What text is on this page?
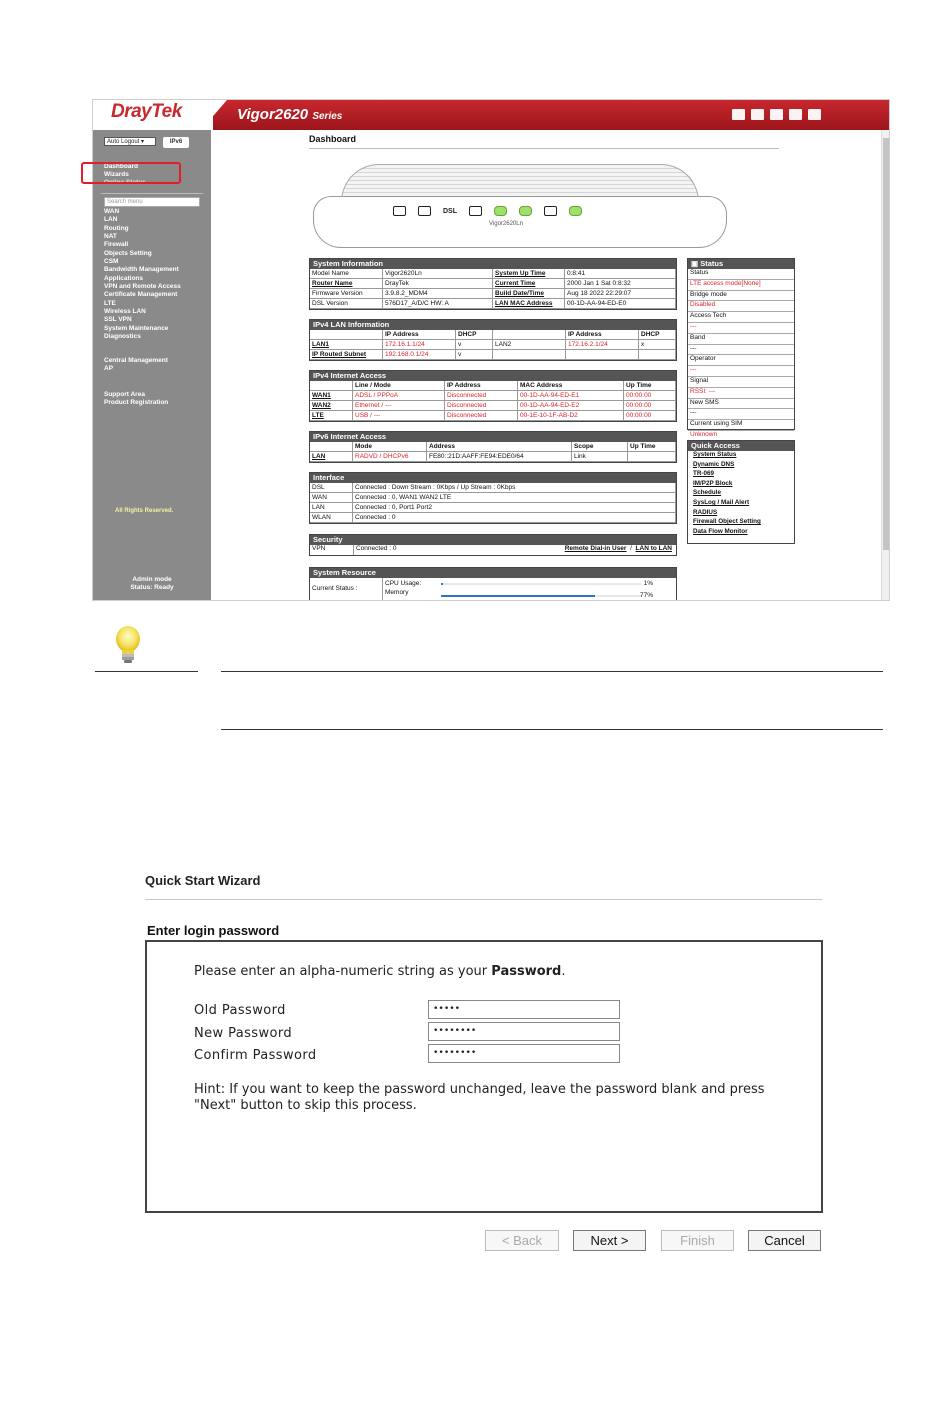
DrayTek	Vigor2620 Series
Auto Logout ▾	IPv6
Dashboard
Wizards
Online Status
Search menu
WAN
LAN
Routing
NAT
Firewall
Objects Setting
CSM
Bandwidth Management
Applications
VPN and Remote Access
Certificate Management
LTE
Wireless LAN
SSL VPN
System Maintenance
Diagnostics
Central Management
AP
Support Area
Product Registration
All Rights Reserved.
Admin mode
Status: Ready
Dashboard
DSL
Vigor2620Ln
System Information
Model Name	Vigor2620Ln	System Up Time	0:8:41
Router Name	DrayTek	Current Time	2000 Jan 1 Sat 0:8:32
Firmware Version	3.9.8.2_MDM4	Build Date/Time	Aug 18 2022 22:29:07
DSL Version	576D17_A/D/C HW: A	LAN MAC Address	00-1D-AA-94-ED-E0
IPv4 LAN Information
IP Address	DHCP	IP Address	DHCP
LAN1	172.16.1.1/24	v	LAN2	172.16.2.1/24	x
IP Routed Subnet	192.168.0.1/24	v
IPv4 Internet Access
Line / Mode	IP Address	MAC Address	Up Time
WAN1	ADSL / PPPoA	Disconnected	00-1D-AA-94-ED-E1	00:00:00
WAN2	Ethernet / ---	Disconnected	00-1D-AA-94-ED-E2	00:00:00
LTE	USB / ---	Disconnected	00-1E-10-1F-AB-D2	00:00:00
IPv6 Internet Access
Mode	Address	Scope	Up Time
LAN	RADVD / DHCPv6	FE80::21D:AAFF:FE94:EDE0/64	Link
Interface
DSL	Connected : Down Stream : 0Kbps / Up Stream : 0Kbps
WAN	Connected : 0, WAN1 WAN2 LTE
LAN	Connected : 0, Port1 Port2
WLAN	Connected : 0
Security
VPN	Connected : 0	Remote Dial-in User / LAN to LAN
System Resource
Current Status :
CPU Usage:	1%
Memory	77%
▣ Status
Status
LTE access mode[None]
Bridge mode
Disabled
Access Tech
---
Band
---
Operator
---
Signal
RSSI: ---
New SMS
---
Current using SIM
Unknown
Quick Access
System Status
Dynamic DNS
TR-069
IM/P2P Block
Schedule
SysLog / Mail Alert
RADIUS
Firewall Object Setting
Data Flow Monitor
Quick Start Wizard
Enter login password
Please enter an alpha-numeric string as your Password.
Old Password	•••••
New Password	••••••••
Confirm Password	••••••••
Hint: If you want to keep the password unchanged, leave the password blank and press "Next" button to skip this process.
< Back	Next >	Finish	Cancel
